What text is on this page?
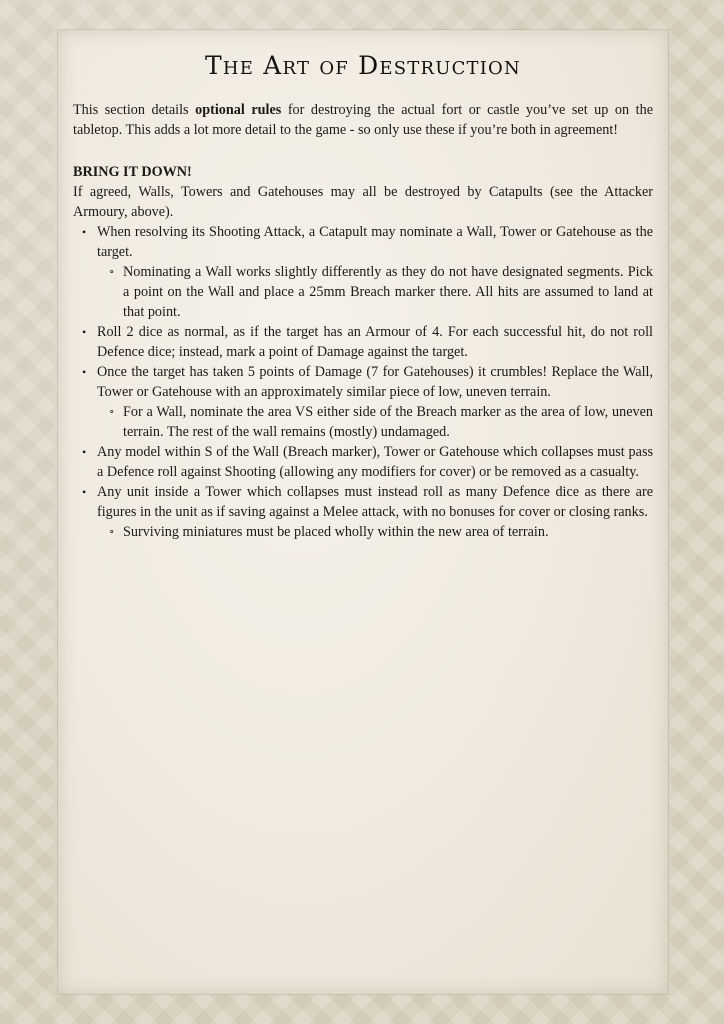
The Art of Destruction

This section details optional rules for destroying the actual fort or castle you’ve set up on the tabletop. This adds a lot more detail to the game - so only use these if you’re both in agreement!

BRING IT DOWN!

If agreed, Walls, Towers and Gatehouses may all be destroyed by Catapults (see the Attacker Armoury, above).

• When resolving its Shooting Attack, a Catapult may nominate a Wall, Tower or Gatehouse as the target.
∘ Nominating a Wall works slightly differently as they do not have designated segments. Pick a point on the Wall and place a 25mm Breach marker there. All hits are assumed to land at that point.
• Roll 2 dice as normal, as if the target has an Armour of 4. For each successful hit, do not roll Defence dice; instead, mark a point of Damage against the target.
• Once the target has taken 5 points of Damage (7 for Gatehouses) it crumbles! Replace the Wall, Tower or Gatehouse with an approximately similar piece of low, uneven terrain.
∘ For a Wall, nominate the area VS either side of the Breach marker as the area of low, uneven terrain. The rest of the wall remains (mostly) undamaged.
• Any model within S of the Wall (Breach marker), Tower or Gatehouse which collapses must pass a Defence roll against Shooting (allowing any modifiers for cover) or be removed as a casualty.
• Any unit inside a Tower which collapses must instead roll as many Defence dice as there are figures in the unit as if saving against a Melee attack, with no bonuses for cover or closing ranks.
∘ Surviving miniatures must be placed wholly within the new area of terrain.
